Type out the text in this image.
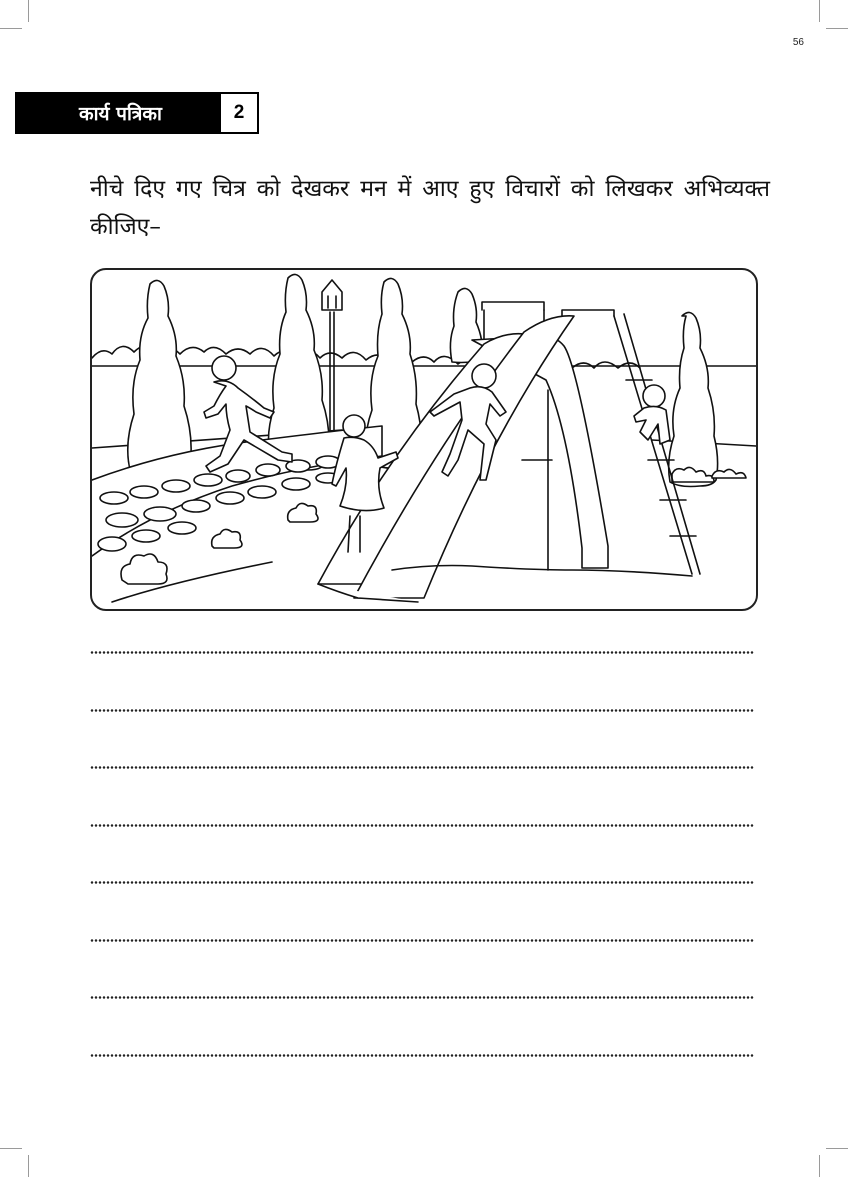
56
कार्य पत्रिका	2
नीचे दिए गए चित्र को देखकर मन में आए हुए विचारों को लिखकर अभिव्यक्त कीजिए–
